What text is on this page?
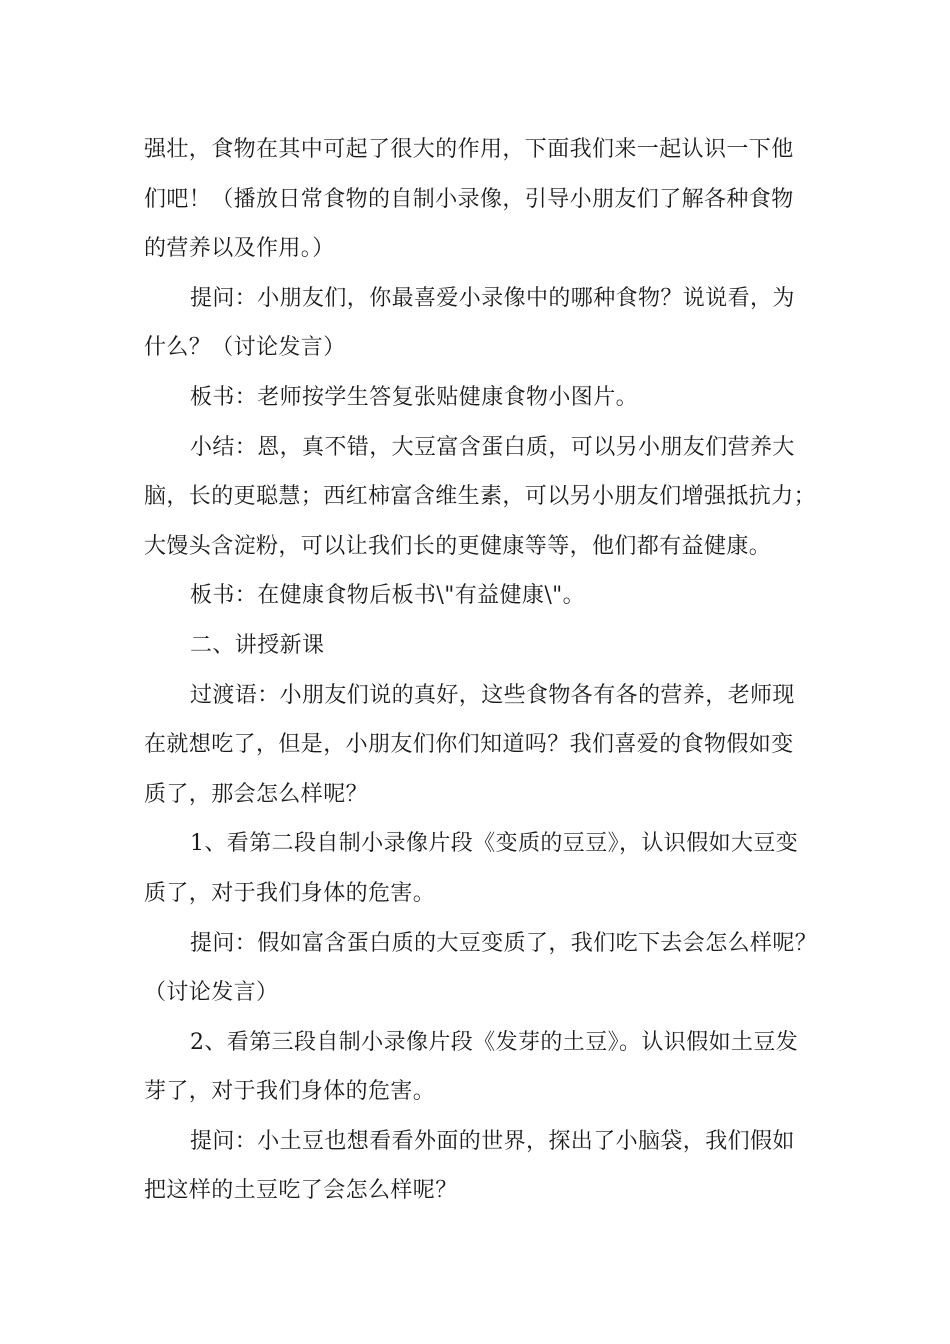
强壮，食物在其中可起了很大的作用，下面我们来一起认识一下他
们吧！（播放日常食物的自制小录像，引导小朋友们了解各种食物
的营养以及作用。）
提问：小朋友们，你最喜爱小录像中的哪种食物？说说看，为
什么？（讨论发言）
板书：老师按学生答复张贴健康食物小图片。
小结：恩，真不错，大豆富含蛋白质，可以另小朋友们营养大
脑，长的更聪慧；西红柿富含维生素，可以另小朋友们增强抵抗力；
大馒头含淀粉，可以让我们长的更健康等等，他们都有益健康。
板书：在健康食物后板书\"有益健康\"。
二、讲授新课
过渡语：小朋友们说的真好，这些食物各有各的营养，老师现
在就想吃了，但是，小朋友们你们知道吗？我们喜爱的食物假如变
质了，那会怎么样呢？
1、看第二段自制小录像片段《变质的豆豆》，认识假如大豆变
质了，对于我们身体的危害。
提问：假如富含蛋白质的大豆变质了，我们吃下去会怎么样呢？
（讨论发言）
2、看第三段自制小录像片段《发芽的土豆》。认识假如土豆发
芽了，对于我们身体的危害。
提问：小土豆也想看看外面的世界，探出了小脑袋，我们假如
把这样的土豆吃了会怎么样呢？
